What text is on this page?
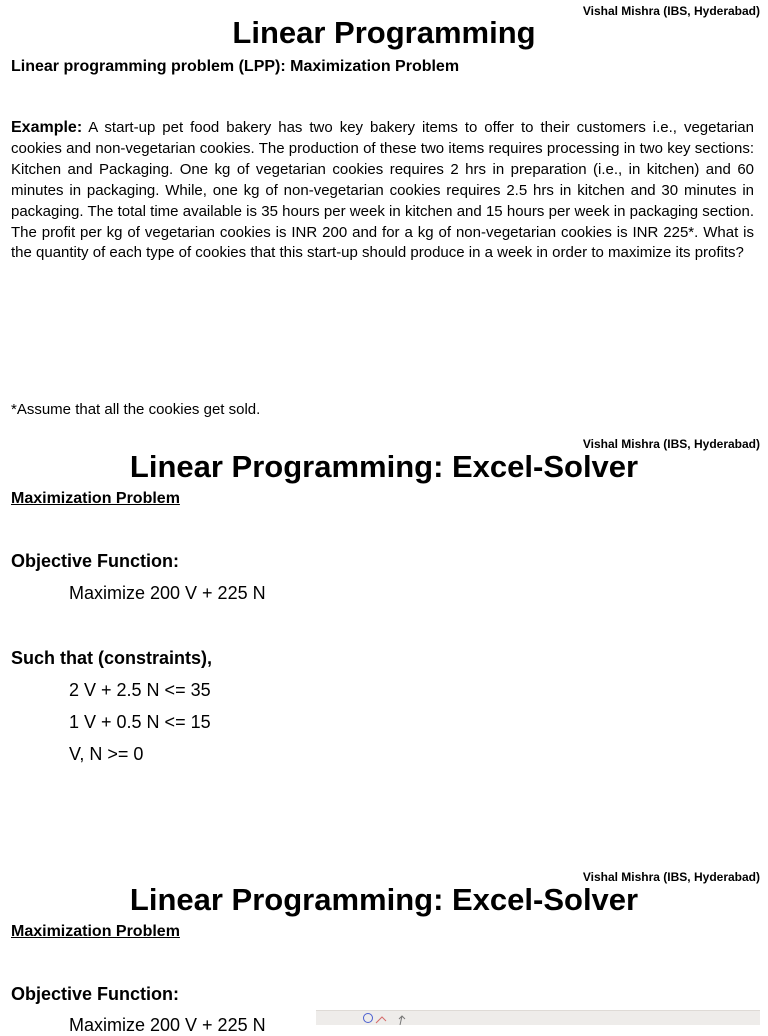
Vishal Mishra (IBS, Hyderabad)
Linear Programming
Linear programming problem (LPP): Maximization Problem
Example: A start-up pet food bakery has two key bakery items to offer to their customers i.e., vegetarian cookies and non-vegetarian cookies. The production of these two items requires processing in two key sections: Kitchen and Packaging. One kg of vegetarian cookies requires 2 hrs in preparation (i.e., in kitchen) and 60 minutes in packaging. While, one kg of non-vegetarian cookies requires 2.5 hrs in kitchen and 30 minutes in packaging. The total time available is 35 hours per week in kitchen and 15 hours per week in packaging section. The profit per kg of vegetarian cookies is INR 200 and for a kg of non-vegetarian cookies is INR 225*. What is the quantity of each type of cookies that this start-up should produce in a week in order to maximize its profits?
*Assume that all the cookies get sold.
Vishal Mishra (IBS, Hyderabad)
Linear Programming: Excel-Solver
Maximization Problem
Objective Function:
Maximize 200 V + 225 N
Such that (constraints),
2 V + 2.5 N <= 35
1 V + 0.5 N <= 15
V, N >= 0
Vishal Mishra (IBS, Hyderabad)
Linear Programming: Excel-Solver
Maximization Problem
Objective Function:
Maximize 200 V + 225 N
